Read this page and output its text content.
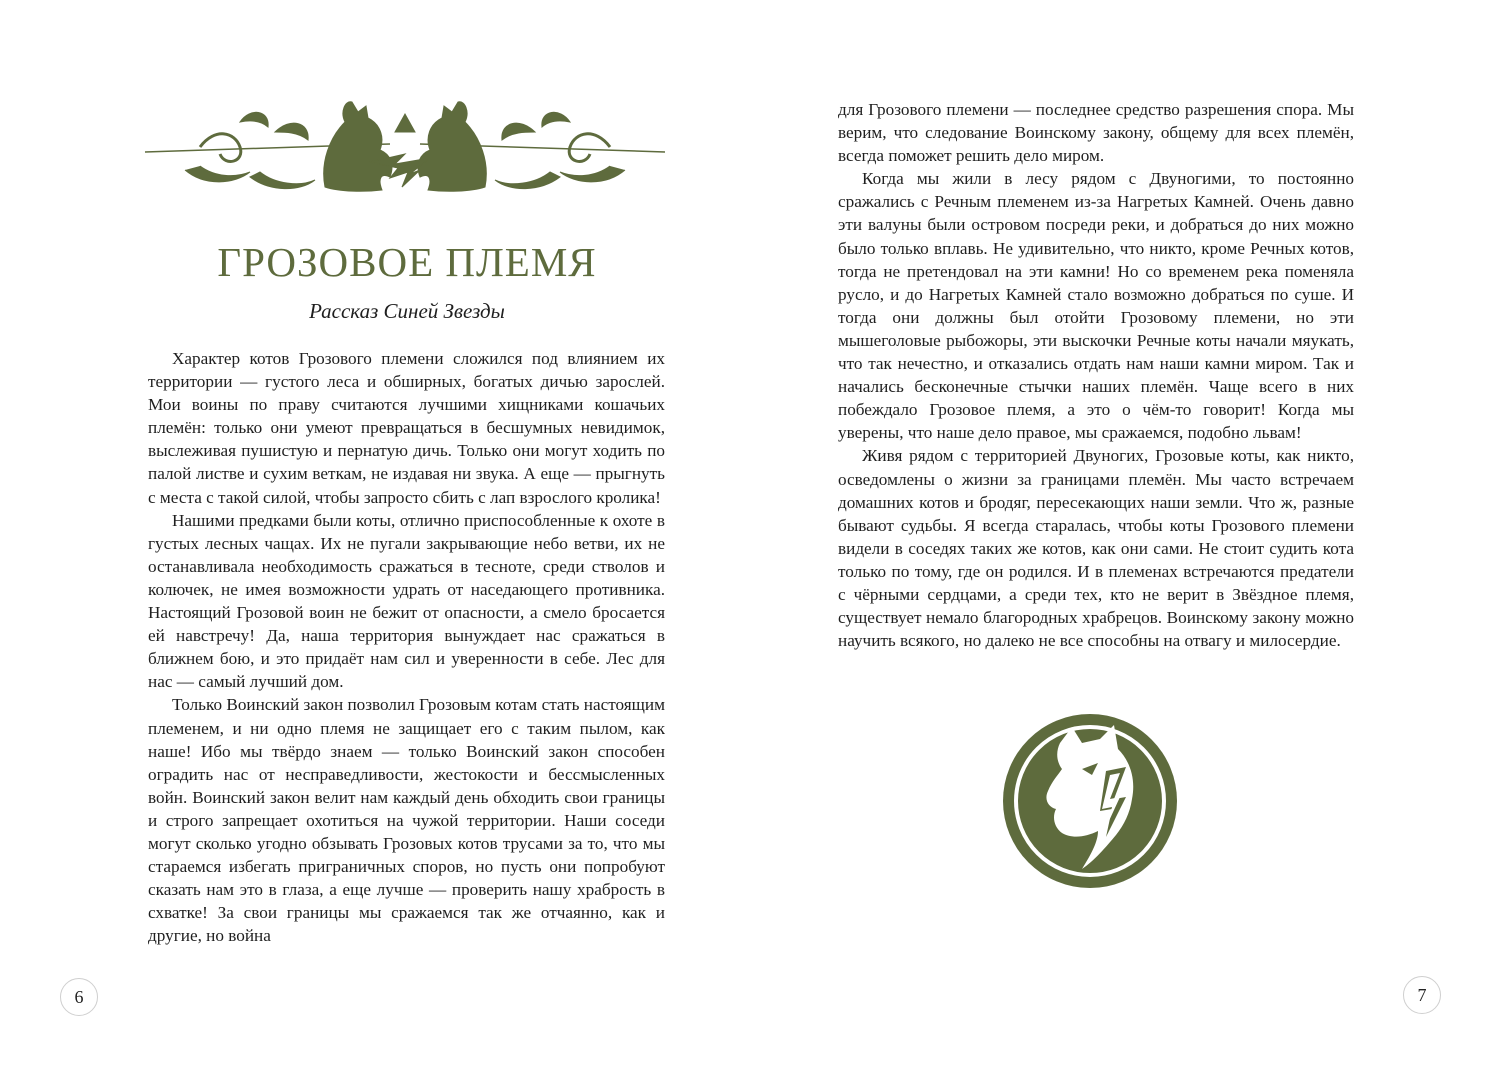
ГРОЗОВОЕ ПЛЕМЯ
Рассказ Синей Звезды

Характер котов Грозового племени сложился под влиянием их территории — густого леса и обширных, богатых дичью зарослей. Мои воины по праву считаются лучшими хищниками кошачьих племён: только они умеют превращаться в бесшумных невидимок, выслеживая пушистую и пернатую дичь. Только они могут ходить по палой листве и сухим веткам, не издавая ни звука. А еще — прыгнуть с места с такой силой, чтобы запросто сбить с лап взрослого кролика!

Нашими предками были коты, отлично приспособленные к охоте в густых лесных чащах. Их не пугали закрывающие небо ветви, их не останавливала необходимость сражаться в тесноте, среди стволов и колючек, не имея возможности удрать от наседающего противника. Настоящий Грозовой воин не бежит от опасности, а смело бросается ей навстречу! Да, наша территория вынуждает нас сражаться в ближнем бою, и это придаёт нам сил и уверенности в себе. Лес для нас — самый лучший дом.

Только Воинский закон позволил Грозовым котам стать настоящим племенем, и ни одно племя не защищает его с таким пылом, как наше! Ибо мы твёрдо знаем — только Воинский закон способен оградить нас от несправедливости, жестокости и бессмысленных войн. Воинский закон велит нам каждый день обходить свои границы и строго запрещает охотиться на чужой территории. Наши соседи могут сколько угодно обзывать Грозовых котов трусами за то, что мы стараемся избегать приграничных споров, но пусть они попробуют сказать нам это в глаза, а еще лучше — проверить нашу храбрость в схватке! За свои границы мы сражаемся так же отчаянно, как и другие, но война

6

для Грозового племени — последнее средство разрешения спора. Мы верим, что следование Воинскому закону, общему для всех племён, всегда поможет решить дело миром.

Когда мы жили в лесу рядом с Двуногими, то постоянно сражались с Речным племенем из-за Нагретых Камней. Очень давно эти валуны были островом посреди реки, и добраться до них можно было только вплавь. Не удивительно, что никто, кроме Речных котов, тогда не претендовал на эти камни! Но со временем река поменяла русло, и до Нагретых Камней стало возможно добраться по суше. И тогда они должны был отойти Грозовому племени, но эти мышеголовые рыбожоры, эти выскочки Речные коты начали мяукать, что так нечестно, и отказались отдать нам наши камни миром. Так и начались бесконечные стычки наших племён. Чаще всего в них побеждало Грозовое племя, а это о чём-то говорит! Когда мы уверены, что наше дело правое, мы сражаемся, подобно львам!

Живя рядом с территорией Двуногих, Грозовые коты, как никто, осведомлены о жизни за границами племён. Мы часто встречаем домашних котов и бродяг, пересекающих наши земли. Что ж, разные бывают судьбы. Я всегда старалась, чтобы коты Грозового племени видели в соседях таких же котов, как они сами. Не стоит судить кота только по тому, где он родился. И в племенах встречаются предатели с чёрными сердцами, а среди тех, кто не верит в Звёздное племя, существует немало благородных храбрецов. Воинскому закону можно научить всякого, но далеко не все способны на отвагу и милосердие.

7
